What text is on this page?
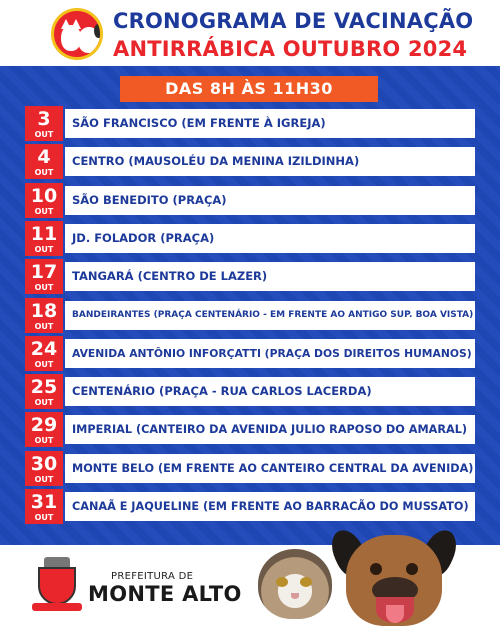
CRONOGRAMA DE VACINAÇÃO
ANTIRRÁBICA OUTUBRO 2024
DAS 8H ÀS 11H30
3
OUT
SÃO FRANCISCO (EM FRENTE À IGREJA)
4
OUT
CENTRO (MAUSOLÉU DA MENINA IZILDINHA)
10
OUT
SÃO BENEDITO (PRAÇA)
11
OUT
JD. FOLADOR (PRAÇA)
17
OUT
TANGARÁ (CENTRO DE LAZER)
18
OUT
BANDEIRANTES (PRAÇA CENTENÁRIO - EM FRENTE AO ANTIGO SUP. BOA VISTA)
24
OUT
AVENIDA ANTÔNIO INFORÇATTI (PRAÇA DOS DIREITOS HUMANOS)
25
OUT
CENTENÁRIO (PRAÇA - RUA CARLOS LACERDA)
29
OUT
IMPERIAL (CANTEIRO DA AVENIDA JULIO RAPOSO DO AMARAL)
30
OUT
MONTE BELO (EM FRENTE AO CANTEIRO CENTRAL DA AVENIDA)
31
OUT
CANAÃ E JAQUELINE (EM FRENTE AO BARRACÃO DO MUSSATO)
PREFEITURA DE
MONTE ALTO
